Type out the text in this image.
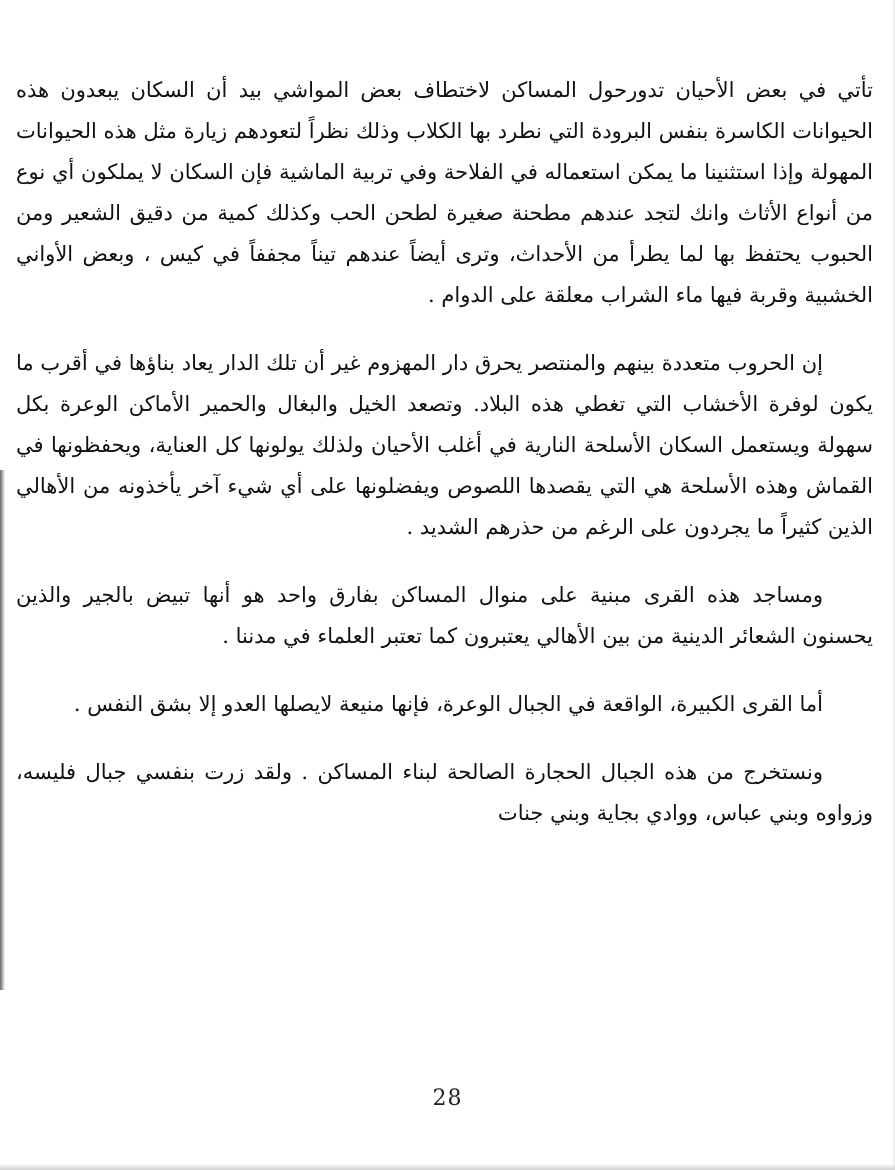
تأتي في بعض الأحيان تدورحول المساكن لاختطاف بعض المواشي بيد أن السكان يبعدون هذه الحيوانات الكاسرة بنفس البرودة التي نطرد بها الكلاب وذلك نظراً لتعودهم زيارة مثل هذه الحيوانات المهولة وإذا استثنينا ما يمكن استعماله في الفلاحة وفي تربية الماشية فإن السكان لا يملكون أي نوع من أنواع الأثاث وانك لتجد عندهم مطحنة صغيرة لطحن الحب وكذلك كمية من دقيق الشعير ومن الحبوب يحتفظ بها لما يطرأ من الأحداث، وترى أيضاً عندهم تيناً مجففاً في كيس ، وبعض الأواني الخشبية وقربة فيها ماء الشراب معلقة على الدوام .

إن الحروب متعددة بينهم والمنتصر يحرق دار المهزوم غير أن تلك الدار يعاد بناؤها في أقرب ما يكون لوفرة الأخشاب التي تغطي هذه البلاد. وتصعد الخيل والبغال والحمير الأماكن الوعرة بكل سهولة ويستعمل السكان الأسلحة النارية في أغلب الأحيان ولذلك يولونها كل العناية، ويحفظونها في القماش وهذه الأسلحة هي التي يقصدها اللصوص ويفضلونها على أي شيء آخر يأخذونه من الأهالي الذين كثيراً ما يجردون على الرغم من حذرهم الشديد .

ومساجد هذه القرى مبنية على منوال المساكن بفارق واحد هو أنها تبيض بالجير والذين يحسنون الشعائر الدينية من بين الأهالي يعتبرون كما تعتبر العلماء في مدننا .

أما القرى الكبيرة، الواقعة في الجبال الوعرة، فإنها منيعة لايصلها العدو إلا بشق النفس .

ونستخرج من هذه الجبال الحجارة الصالحة لبناء المساكن . ولقد زرت بنفسي جبال فليسه، وزواوه وبني عباس، ووادي بجاية وبني جنات

28
